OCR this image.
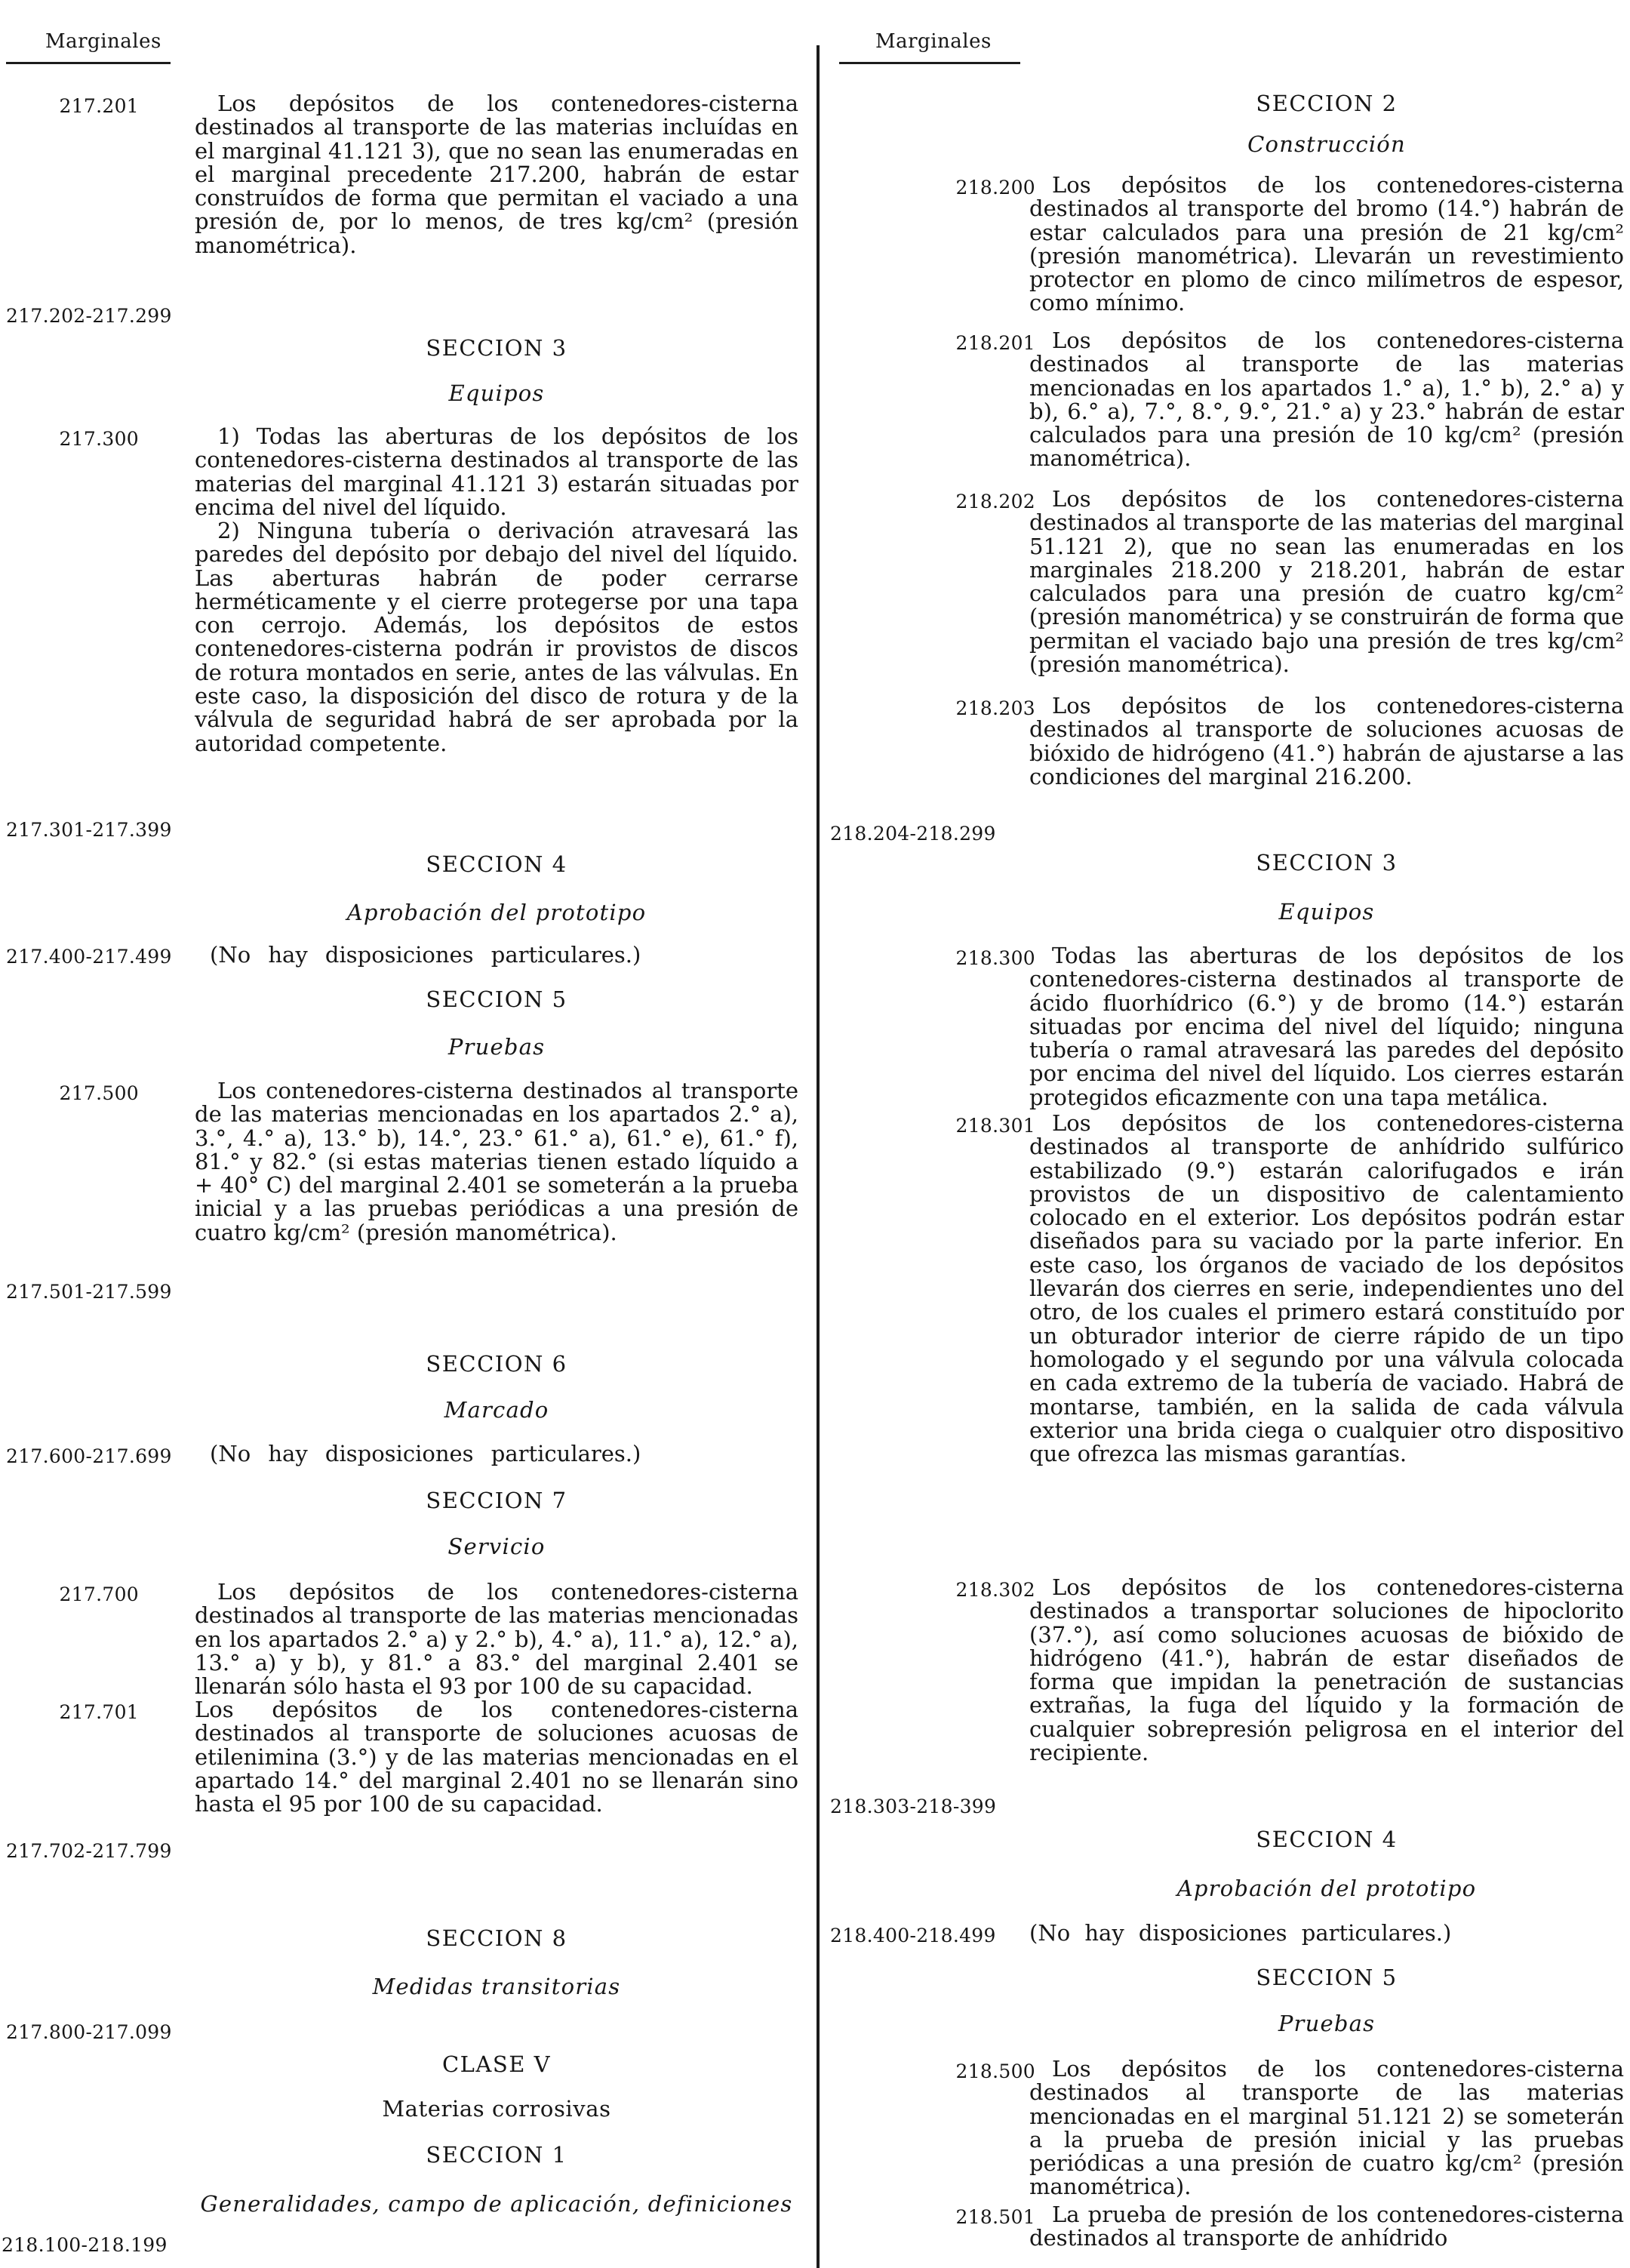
Marginales
217.201	Los depósitos de los contenedores-cisterna destinados al transporte de las materias incluídas en el marginal 41.121 3), que no sean las enumeradas en el marginal precedente 217.200, habrán de estar construídos de forma que permitan el vaciado a una presión de, por lo menos, de tres kg/cm² (presión manométrica).
217.202-217.299
SECCION 3
Equipos
217.300	1) Todas las aberturas de los depósitos de los contenedores-cisterna destinados al transporte de las materias del marginal 41.121 3) estarán situadas por encima del nivel del líquido.
2) Ninguna tubería o derivación atravesará las paredes del depósito por debajo del nivel del líquido. Las aberturas habrán de poder cerrarse herméticamente y el cierre protegerse por una tapa con cerrojo. Además, los depósitos de estos contenedores-cisterna podrán ir provistos de discos de rotura montados en serie, antes de las válvulas. En este caso, la disposición del disco de rotura y de la válvula de seguridad habrá de ser aprobada por la autoridad competente.
217.301-217.399
SECCION 4
Aprobación del prototipo
217.400-217.499	(No hay disposiciones particulares.)
SECCION 5
Pruebas
217.500	Los contenedores-cisterna destinados al transporte de las materias mencionadas en los apartados 2.° a), 3.°, 4.° a), 13.° b), 14.°, 23.° 61.° a), 61.° e), 61.° f), 81.° y 82.° (si estas materias tienen estado líquido a + 40° C) del marginal 2.401 se someterán a la prueba inicial y a las pruebas periódicas a una presión de cuatro kg/cm² (presión manométrica).
217.501-217.599
SECCION 6
Marcado
217.600-217.699	(No hay disposiciones particulares.)
SECCION 7
Servicio
217.700	Los depósitos de los contenedores-cisterna destinados al transporte de las materias mencionadas en los apartados 2.° a) y 2.° b), 4.° a), 11.° a), 12.° a), 13.° a) y b), y 81.° a 83.° del marginal 2.401 se llenarán sólo hasta el 93 por 100 de su capacidad.
217.701	Los depósitos de los contenedores-cisterna destinados al transporte de soluciones acuosas de etilenimina (3.°) y de las materias mencionadas en el apartado 14.° del marginal 2.401 no se llenarán sino hasta el 95 por 100 de su capacidad.
217.702-217.799
SECCION 8
Medidas transitorias
217.800-217.099
CLASE V
Materias corrosivas
SECCION 1
Generalidades, campo de aplicación, definiciones
218.100-218.199
Marginales
SECCION 2
Construcción
218.200 Los depósitos de los contenedores-cisterna destinados al transporte del bromo (14.°) habrán de estar calculados para una presión de 21 kg/cm² (presión manométrica). Llevarán un revestimiento protector en plomo de cinco milímetros de espesor, como mínimo.
218.201 Los depósitos de los contenedores-cisterna destinados al transporte de las materias mencionadas en los apartados 1.° a), 1.° b), 2.° a) y b), 6.° a), 7.°, 8.°, 9.°, 21.° a) y 23.° habrán de estar calculados para una presión de 10 kg/cm² (presión manométrica).
218.202 Los depósitos de los contenedores-cisterna destinados al transporte de las materias del marginal 51.121 2), que no sean las enumeradas en los marginales 218.200 y 218.201, habrán de estar calculados para una presión de cuatro kg/cm² (presión manométrica) y se construirán de forma que permitan el vaciado bajo una presión de tres kg/cm² (presión manométrica).
218.203 Los depósitos de los contenedores-cisterna destinados al transporte de soluciones acuosas de bióxido de hidrógeno (41.°) habrán de ajustarse a las condiciones del marginal 216.200.
218.204-218.299
SECCION 3
Equipos
218.300 Todas las aberturas de los depósitos de los contenedores-cisterna destinados al transporte de ácido fluorhídrico (6.°) y de bromo (14.°) estarán situadas por encima del nivel del líquido; ninguna tubería o ramal atravesará las paredes del depósito por encima del nivel del líquido. Los cierres estarán protegidos eficazmente con una tapa metálica.
218.301 Los depósitos de los contenedores-cisterna destinados al transporte de anhídrido sulfúrico estabilizado (9.°) estarán calorifugados e irán provistos de un dispositivo de calentamiento colocado en el exterior. Los depósitos podrán estar diseñados para su vaciado por la parte inferior. En este caso, los órganos de vaciado de los depósitos llevarán dos cierres en serie, independientes uno del otro, de los cuales el primero estará constituído por un obturador interior de cierre rápido de un tipo homologado y el segundo por una válvula colocada en cada extremo de la tubería de vaciado. Habrá de montarse, también, en la salida de cada válvula exterior una brida ciega o cualquier otro dispositivo que ofrezca las mismas garantías.
218.302 Los depósitos de los contenedores-cisterna destinados a transportar soluciones de hipoclorito (37.°), así como soluciones acuosas de bióxido de hidrógeno (41.°), habrán de estar diseñados de forma que impidan la penetración de sustancias extrañas, la fuga del líquido y la formación de cualquier sobrepresión peligrosa en el interior del recipiente.
218.303-218-399
SECCION 4
Aprobación del prototipo
218.400-218.499 (No hay disposiciones particulares.)
SECCION 5
Pruebas
218.500 Los depósitos de los contenedores-cisterna destinados al transporte de las materias mencionadas en el marginal 51.121 2) se someterán a la prueba de presión inicial y las pruebas periódicas a una presión de cuatro kg/cm² (presión manométrica).
218.501 La prueba de presión de los contenedores-cisterna destinados al transporte de anhídrido
